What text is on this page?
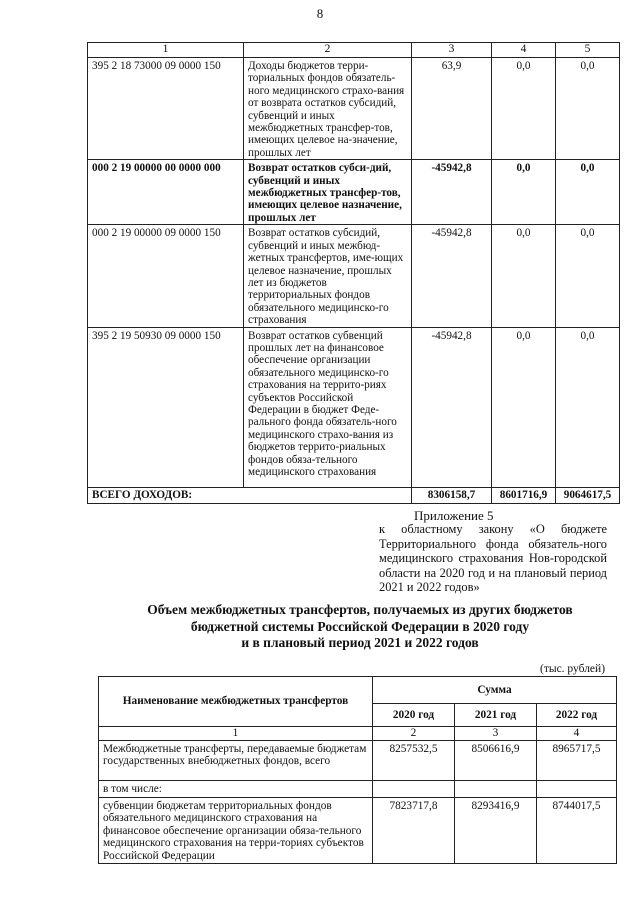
8
1	2	3	4	5
395 2 18 73000 09 0000 150	Доходы бюджетов терри-ториальных фондов обязатель-ного медицинского страхо-вания от возврата остатков субсидий, субвенций и иных межбюджетных трансфер-тов, имеющих целевое на-значение, прошлых лет	63,9	0,0	0,0
000 2 19 00000 00 0000 000	Возврат остатков субси-дий, субвенций и иных межбюджетных трансфер-тов, имеющих целевое назначение, прошлых лет	-45942,8	0,0	0,0
000 2 19 00000 09 0000 150	Возврат остатков субсидий, субвенций и иных межбюд-жетных трансфертов, име-ющих целевое назначение, прошлых лет из бюджетов территориальных фондов обязательного медицинско-го страхования	-45942,8	0,0	0,0
395 2 19 50930 09 0000 150	Возврат остатков субвенций прошлых лет на финансовое обеспечение организации обязательного медицинско-го страхования на террито-риях субъектов Российской Федерации в бюджет Феде-рального фонда обязатель-ного медицинского страхо-вания из бюджетов террито-риальных фондов обяза-тельного медицинского страхования	-45942,8	0,0	0,0
ВСЕГО ДОХОДОВ:		8306158,7	8601716,9	9064617,5
Приложение 5
к областному закону «О бюджете Территориального фонда обязатель-ного медицинского страхования Нов-городской области на 2020 год и на плановый период 2021 и 2022 годов»
Объем межбюджетных трансфертов, получаемых из других бюджетов
бюджетной системы Российской Федерации в 2020 году
и в плановый период 2021 и 2022 годов
(тыс. рублей)
Наименование межбюджетных трансфертов	Сумма		
	2020 год	2021 год	2022 год
1	2	3	4
Межбюджетные трансферты, передаваемые бюджетам государственных внебюджетных фондов, всего	8257532,5	8506616,9	8965717,5
в том числе:			
субвенции бюджетам территориальных фондов обязательного медицинского страхования на финансовое обеспечение организации обяза-тельного медицинского страхования на терри-ториях субъектов Российской Федерации	7823717,8	8293416,9	8744017,5
